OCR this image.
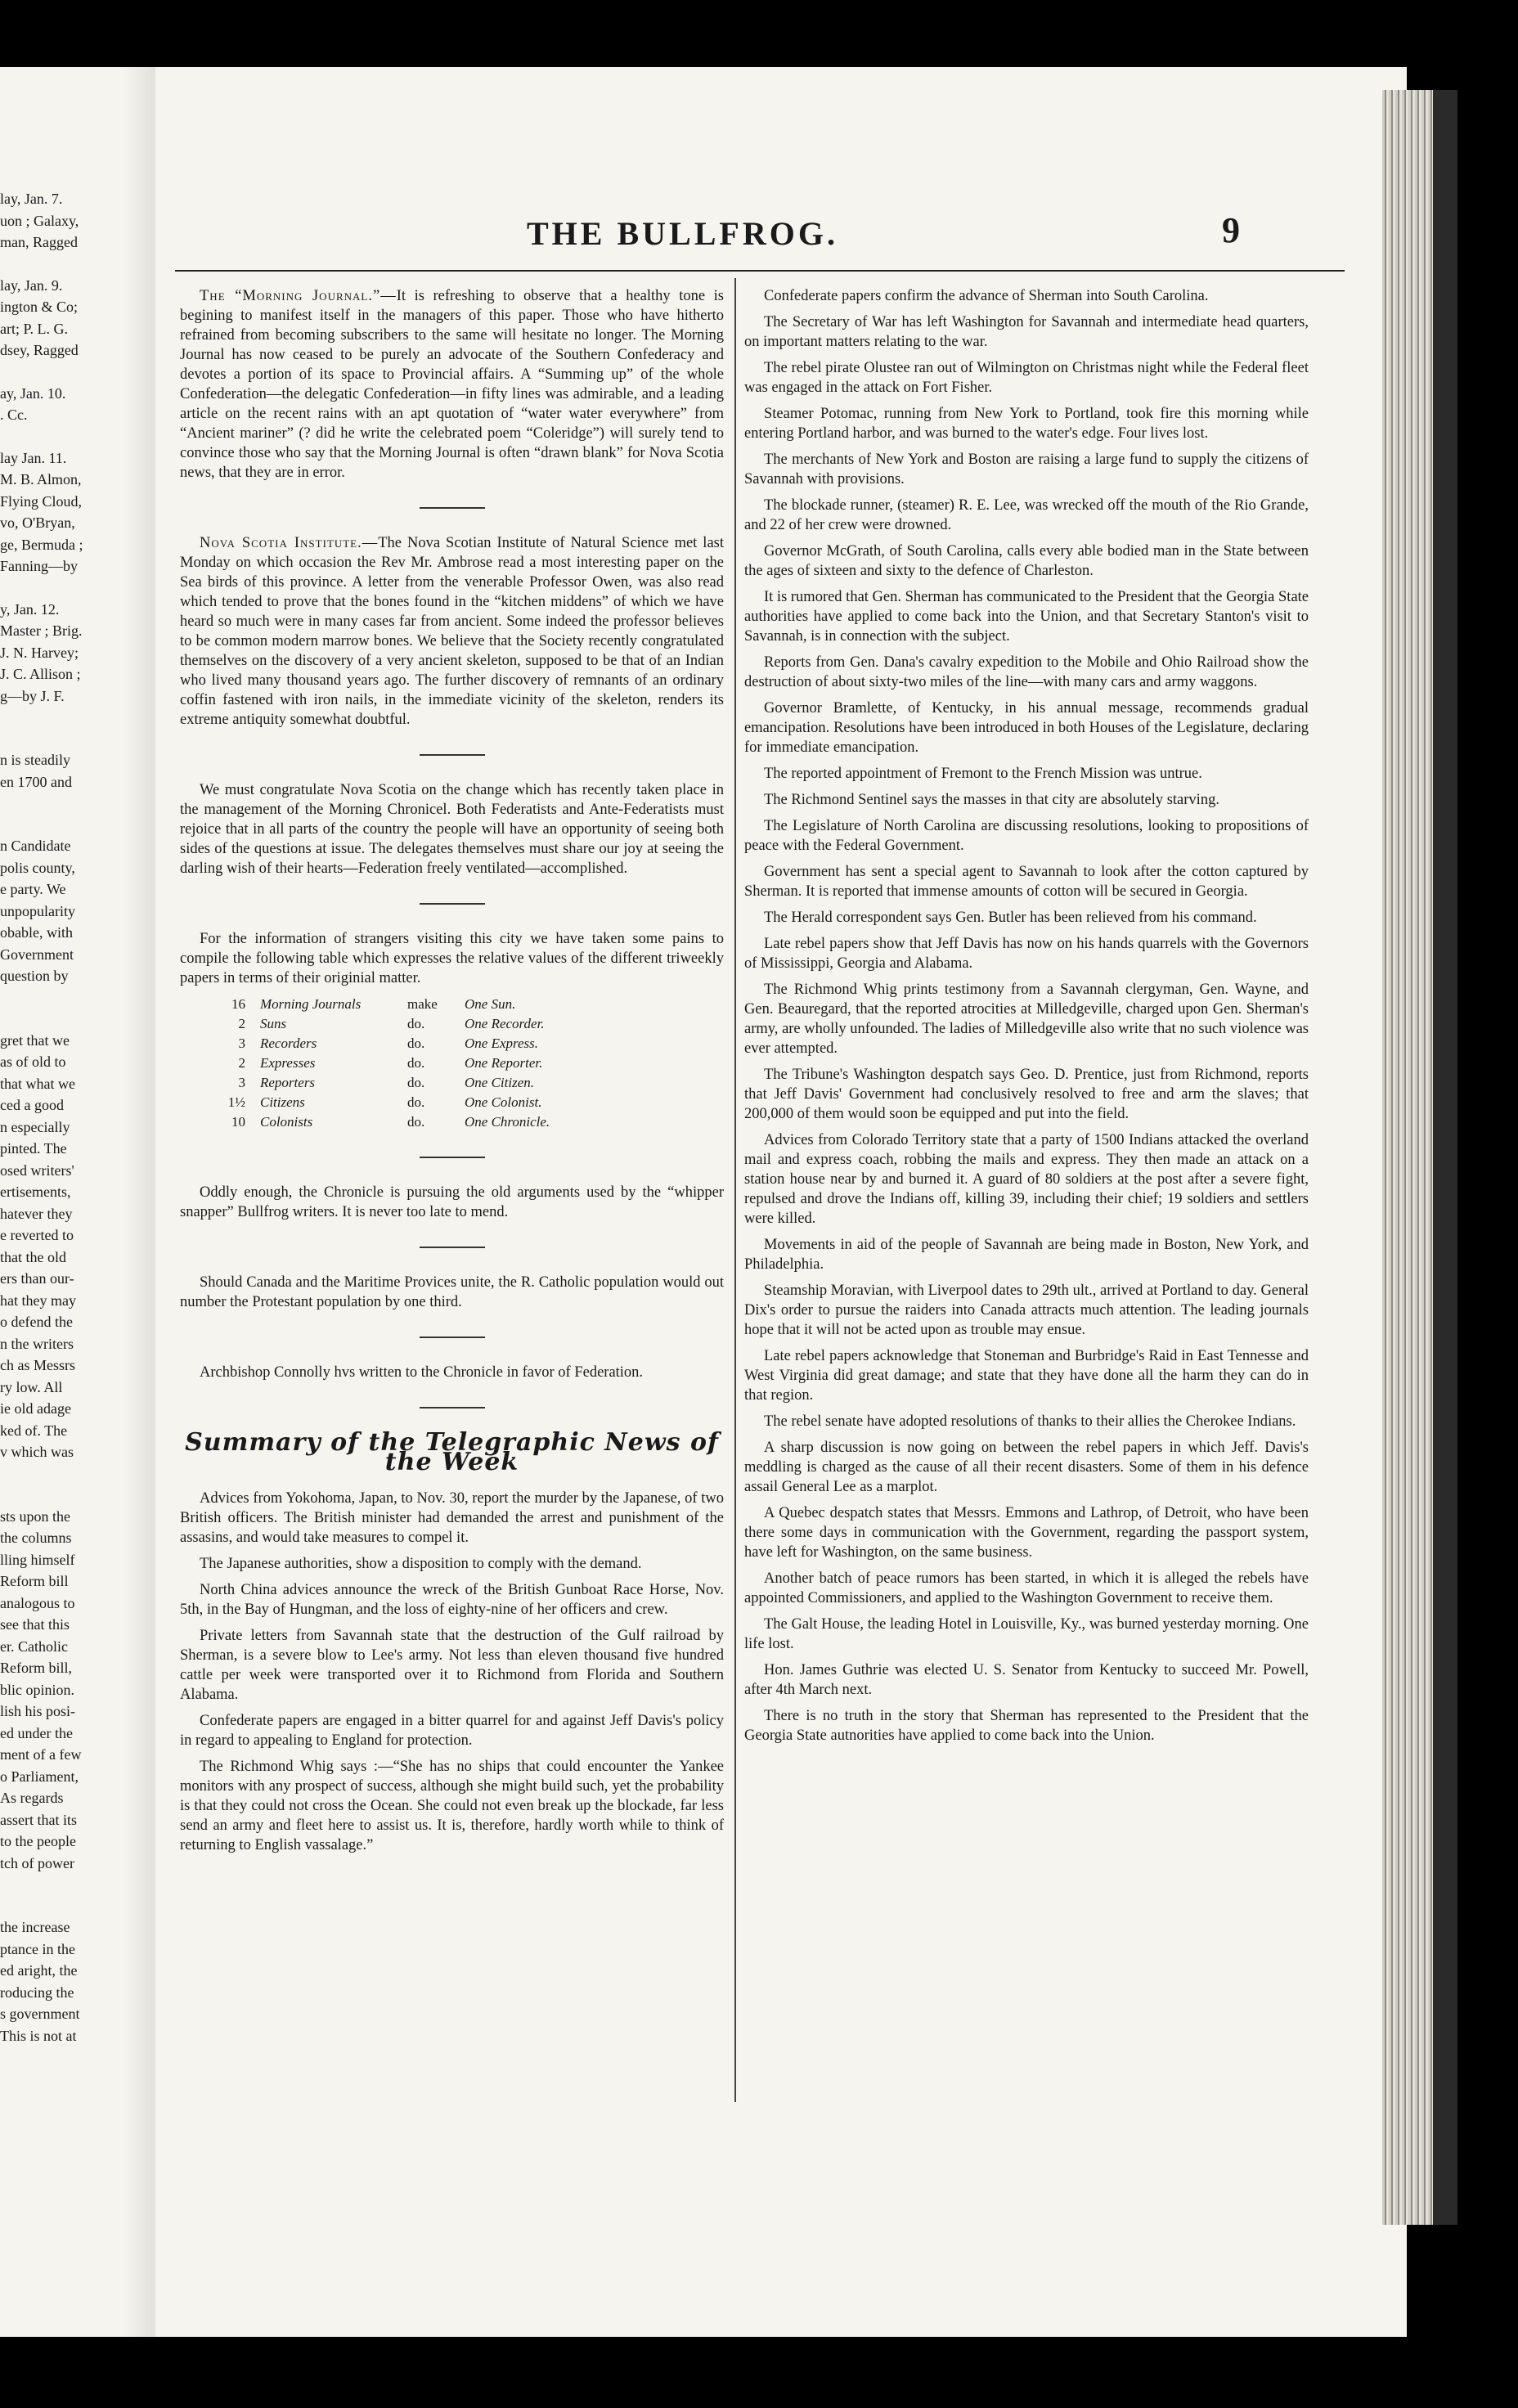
lay, Jan. 7.
uon ; Galaxy,
man, Ragged
lay, Jan. 9.
ington & Co;
art; P. L. G.
dsey, Ragged
ay, Jan. 10.
. Cc.
lay Jan. 11.
M. B. Almon,
Flying Cloud,
vo, O'Bryan,
ge, Bermuda ;
Fanning—by
y, Jan. 12.
Master ; Brig.
J. N. Harvey;
J. C. Allison ;
g—by J. F.
n is steadily
en 1700 and
n Candidate
polis county,
e party. We
unpopularity
obable, with
Government
question by
gret that we
as of old to
that what we
ced a good
n especially
pinted. The
osed writers'
ertisements,
hatever they
e reverted to
that the old
ers than our-
hat they may
o defend the
n the writers
ch as Messrs
ry low. All
ie old adage
ked of. The
v which was
sts upon the
the columns
lling himself
Reform bill
analogous to
see that this
er. Catholic
Reform bill,
blic opinion.
lish his posi-
ed under the
ment of a few
o Parliament,
As regards
assert that its
to the people
tch of power
the increase
ptance in the
ed aright, the
roducing the
s government
This is not at
THE BULLFROG.	9

The “Morning Journal.”—It is refreshing to observe that a healthy tone is begining to manifest itself in the managers of this paper. Those who have hitherto refrained from becoming subscribers to the same will hesitate no longer. The Morning Journal has now ceased to be purely an advocate of the Southern Confederacy and devotes a portion of its space to Provincial affairs. A “Summing up” of the whole Confederation—the delegatic Confederation—in fifty lines was admirable, and a leading article on the recent rains with an apt quotation of “water water everywhere” from “Ancient mariner” (? did he write the celebrated poem “Coleridge”) will surely tend to convince those who say that the Morning Journal is often “drawn blank” for Nova Scotia news, that they are in error.

Nova Scotia Institute.—The Nova Scotian Institute of Natural Science met last Monday on which occasion the Rev Mr. Ambrose read a most interesting paper on the Sea birds of this province. A letter from the venerable Professor Owen, was also read which tended to prove that the bones found in the “kitchen middens” of which we have heard so much were in many cases far from ancient. Some indeed the professor believes to be common modern marrow bones. We believe that the Society recently congratulated themselves on the discovery of a very ancient skeleton, supposed to be that of an Indian who lived many thousand years ago. The further discovery of remnants of an ordinary coffin fastened with iron nails, in the immediate vicinity of the skeleton, renders its extreme antiquity somewhat doubtful.

We must congratulate Nova Scotia on the change which has recently taken place in the management of the Morning Chronicel. Both Federatists and Ante-Federatists must rejoice that in all parts of the country the people will have an opportunity of seeing both sides of the questions at issue. The delegates themselves must share our joy at seeing the darling wish of their hearts—Federation freely ventilated—accomplished.

For the information of strangers visiting this city we have taken some pains to compile the following table which expresses the relative values of the different triweekly papers in terms of their originial matter.

16	Morning Journals	make	One Sun.
2	Suns	do.	One Recorder.
3	Recorders	do.	One Express.
2	Expresses	do.	One Reporter.
3	Reporters	do.	One Citizen.
1½	Citizens	do.	One Colonist.
10	Colonists	do.	One Chronicle.

Oddly enough, the Chronicle is pursuing the old arguments used by the “whipper snapper” Bullfrog writers. It is never too late to mend.

Should Canada and the Maritime Provices unite, the R. Catholic population would out number the Protestant population by one third.

Archbishop Connolly hvs written to the Chronicle in favor of Federation.

Summary of the Telegraphic News of the Week

Advices from Yokohoma, Japan, to Nov. 30, report the murder by the Japanese, of two British officers. The British minister had demanded the arrest and punishment of the assasins, and would take measures to compel it.

The Japanese authorities, show a disposition to comply with the demand.

North China advices announce the wreck of the British Gunboat Race Horse, Nov. 5th, in the Bay of Hungman, and the loss of eighty-nine of her officers and crew.

Private letters from Savannah state that the destruction of the Gulf railroad by Sherman, is a severe blow to Lee's army. Not less than eleven thousand five hundred cattle per week were transported over it to Richmond from Florida and Southern Alabama.

Confederate papers are engaged in a bitter quarrel for and against Jeff Davis's policy in regard to appealing to England for protection.

The Richmond Whig says :—“She has no ships that could encounter the Yankee monitors with any prospect of success, although she might build such, yet the probability is that they could not cross the Ocean. She could not even break up the blockade, far less send an army and fleet here to assist us. It is, therefore, hardly worth while to think of returning to English vassalage.”

Confederate papers confirm the advance of Sherman into South Carolina.

The Secretary of War has left Washington for Savannah and intermediate head quarters, on important matters relating to the war.

The rebel pirate Olustee ran out of Wilmington on Christmas night while the Federal fleet was engaged in the attack on Fort Fisher.

Steamer Potomac, running from New York to Portland, took fire this morning while entering Portland harbor, and was burned to the water's edge. Four lives lost.

The merchants of New York and Boston are raising a large fund to supply the citizens of Savannah with provisions.

The blockade runner, (steamer) R. E. Lee, was wrecked off the mouth of the Rio Grande, and 22 of her crew were drowned.

Governor McGrath, of South Carolina, calls every able bodied man in the State between the ages of sixteen and sixty to the defence of Charleston.

It is rumored that Gen. Sherman has communicated to the President that the Georgia State authorities have applied to come back into the Union, and that Secretary Stanton's visit to Savannah, is in connection with the subject.

Reports from Gen. Dana's cavalry expedition to the Mobile and Ohio Railroad show the destruction of about sixty-two miles of the line—with many cars and army waggons.

Governor Bramlette, of Kentucky, in his annual message, recommends gradual emancipation. Resolutions have been introduced in both Houses of the Legislature, declaring for immediate emancipation.

The reported appointment of Fremont to the French Mission was untrue.

The Richmond Sentinel says the masses in that city are absolutely starving.

The Legislature of North Carolina are discussing resolutions, looking to propositions of peace with the Federal Government.

Government has sent a special agent to Savannah to look after the cotton captured by Sherman. It is reported that immense amounts of cotton will be secured in Georgia.

The Herald correspondent says Gen. Butler has been relieved from his command.

Late rebel papers show that Jeff Davis has now on his hands quarrels with the Governors of Mississippi, Georgia and Alabama.

The Richmond Whig prints testimony from a Savannah clergyman, Gen. Wayne, and Gen. Beauregard, that the reported atrocities at Milledgeville, charged upon Gen. Sherman's army, are wholly unfounded. The ladies of Milledgeville also write that no such violence was ever attempted.

The Tribune's Washington despatch says Geo. D. Prentice, just from Richmond, reports that Jeff Davis' Government had conclusively resolved to free and arm the slaves; that 200,000 of them would soon be equipped and put into the field.

Advices from Colorado Territory state that a party of 1500 Indians attacked the overland mail and express coach, robbing the mails and express. They then made an attack on a station house near by and burned it. A guard of 80 soldiers at the post after a severe fight, repulsed and drove the Indians off, killing 39, including their chief; 19 soldiers and settlers were killed.

Movements in aid of the people of Savannah are being made in Boston, New York, and Philadelphia.

Steamship Moravian, with Liverpool dates to 29th ult., arrived at Portland to day. General Dix's order to pursue the raiders into Canada attracts much attention. The leading journals hope that it will not be acted upon as trouble may ensue.

Late rebel papers acknowledge that Stoneman and Burbridge's Raid in East Tennesse and West Virginia did great damage; and state that they have done all the harm they can do in that region.

The rebel senate have adopted resolutions of thanks to their allies the Cherokee Indians.

A sharp discussion is now going on between the rebel papers in which Jeff. Davis's meddling is charged as the cause of all their recent disasters. Some of them in his defence assail General Lee as a marplot.

A Quebec despatch states that Messrs. Emmons and Lathrop, of Detroit, who have been there some days in communication with the Government, regarding the passport system, have left for Washington, on the same business.

Another batch of peace rumors has been started, in which it is alleged the rebels have appointed Commissioners, and applied to the Washington Government to receive them.

The Galt House, the leading Hotel in Louisville, Ky., was burned yesterday morning. One life lost.

Hon. James Guthrie was elected U. S. Senator from Kentucky to succeed Mr. Powell, after 4th March next.

There is no truth in the story that Sherman has represented to the President that the Georgia State autnorities have applied to come back into the Union.
